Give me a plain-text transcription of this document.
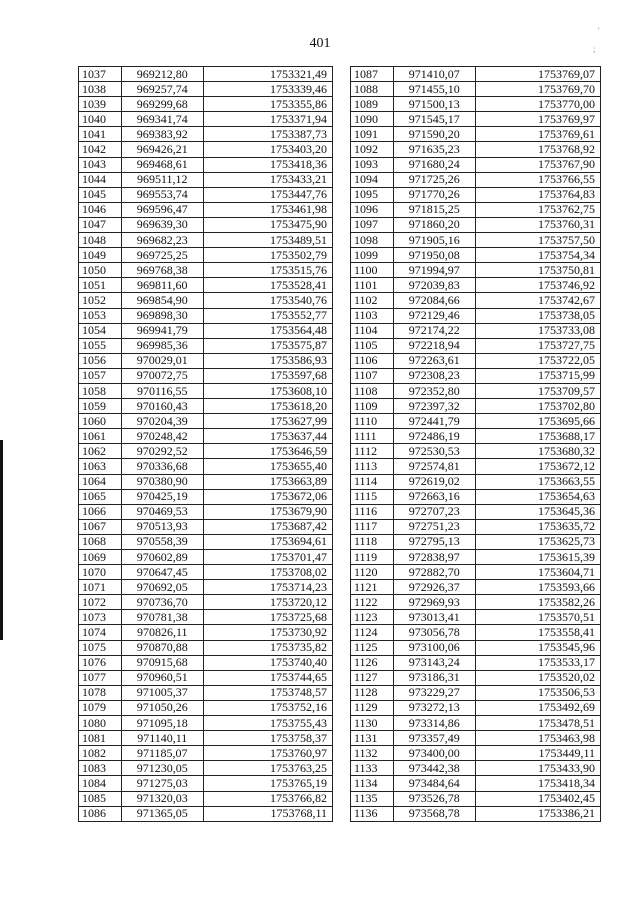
401
'
;
1037	969212,80	1753321,49
1038	969257,74	1753339,46
1039	969299,68	1753355,86
1040	969341,74	1753371,94
1041	969383,92	1753387,73
1042	969426,21	1753403,20
1043	969468,61	1753418,36
1044	969511,12	1753433,21
1045	969553,74	1753447,76
1046	969596,47	1753461,98
1047	969639,30	1753475,90
1048	969682,23	1753489,51
1049	969725,25	1753502,79
1050	969768,38	1753515,76
1051	969811,60	1753528,41
1052	969854,90	1753540,76
1053	969898,30	1753552,77
1054	969941,79	1753564,48
1055	969985,36	1753575,87
1056	970029,01	1753586,93
1057	970072,75	1753597,68
1058	970116,55	1753608,10
1059	970160,43	1753618,20
1060	970204,39	1753627,99
1061	970248,42	1753637,44
1062	970292,52	1753646,59
1063	970336,68	1753655,40
1064	970380,90	1753663,89
1065	970425,19	1753672,06
1066	970469,53	1753679,90
1067	970513,93	1753687,42
1068	970558,39	1753694,61
1069	970602,89	1753701,47
1070	970647,45	1753708,02
1071	970692,05	1753714,23
1072	970736,70	1753720,12
1073	970781,38	1753725,68
1074	970826,11	1753730,92
1075	970870,88	1753735,82
1076	970915,68	1753740,40
1077	970960,51	1753744,65
1078	971005,37	1753748,57
1079	971050,26	1753752,16
1080	971095,18	1753755,43
1081	971140,11	1753758,37
1082	971185,07	1753760,97
1083	971230,05	1753763,25
1084	971275,03	1753765,19
1085	971320,03	1753766,82
1086	971365,05	1753768,11
1087	971410,07	1753769,07
1088	971455,10	1753769,70
1089	971500,13	1753770,00
1090	971545,17	1753769,97
1091	971590,20	1753769,61
1092	971635,23	1753768,92
1093	971680,24	1753767,90
1094	971725,26	1753766,55
1095	971770,26	1753764,83
1096	971815,25	1753762,75
1097	971860,20	1753760,31
1098	971905,16	1753757,50
1099	971950,08	1753754,34
1100	971994,97	1753750,81
1101	972039,83	1753746,92
1102	972084,66	1753742,67
1103	972129,46	1753738,05
1104	972174,22	1753733,08
1105	972218,94	1753727,75
1106	972263,61	1753722,05
1107	972308,23	1753715,99
1108	972352,80	1753709,57
1109	972397,32	1753702,80
1110	972441,79	1753695,66
1111	972486,19	1753688,17
1112	972530,53	1753680,32
1113	972574,81	1753672,12
1114	972619,02	1753663,55
1115	972663,16	1753654,63
1116	972707,23	1753645,36
1117	972751,23	1753635,72
1118	972795,13	1753625,73
1119	972838,97	1753615,39
1120	972882,70	1753604,71
1121	972926,37	1753593,66
1122	972969,93	1753582,26
1123	973013,41	1753570,51
1124	973056,78	1753558,41
1125	973100,06	1753545,96
1126	973143,24	1753533,17
1127	973186,31	1753520,02
1128	973229,27	1753506,53
1129	973272,13	1753492,69
1130	973314,86	1753478,51
1131	973357,49	1753463,98
1132	973400,00	1753449,11
1133	973442,38	1753433,90
1134	973484,64	1753418,34
1135	973526,78	1753402,45
1136	973568,78	1753386,21
